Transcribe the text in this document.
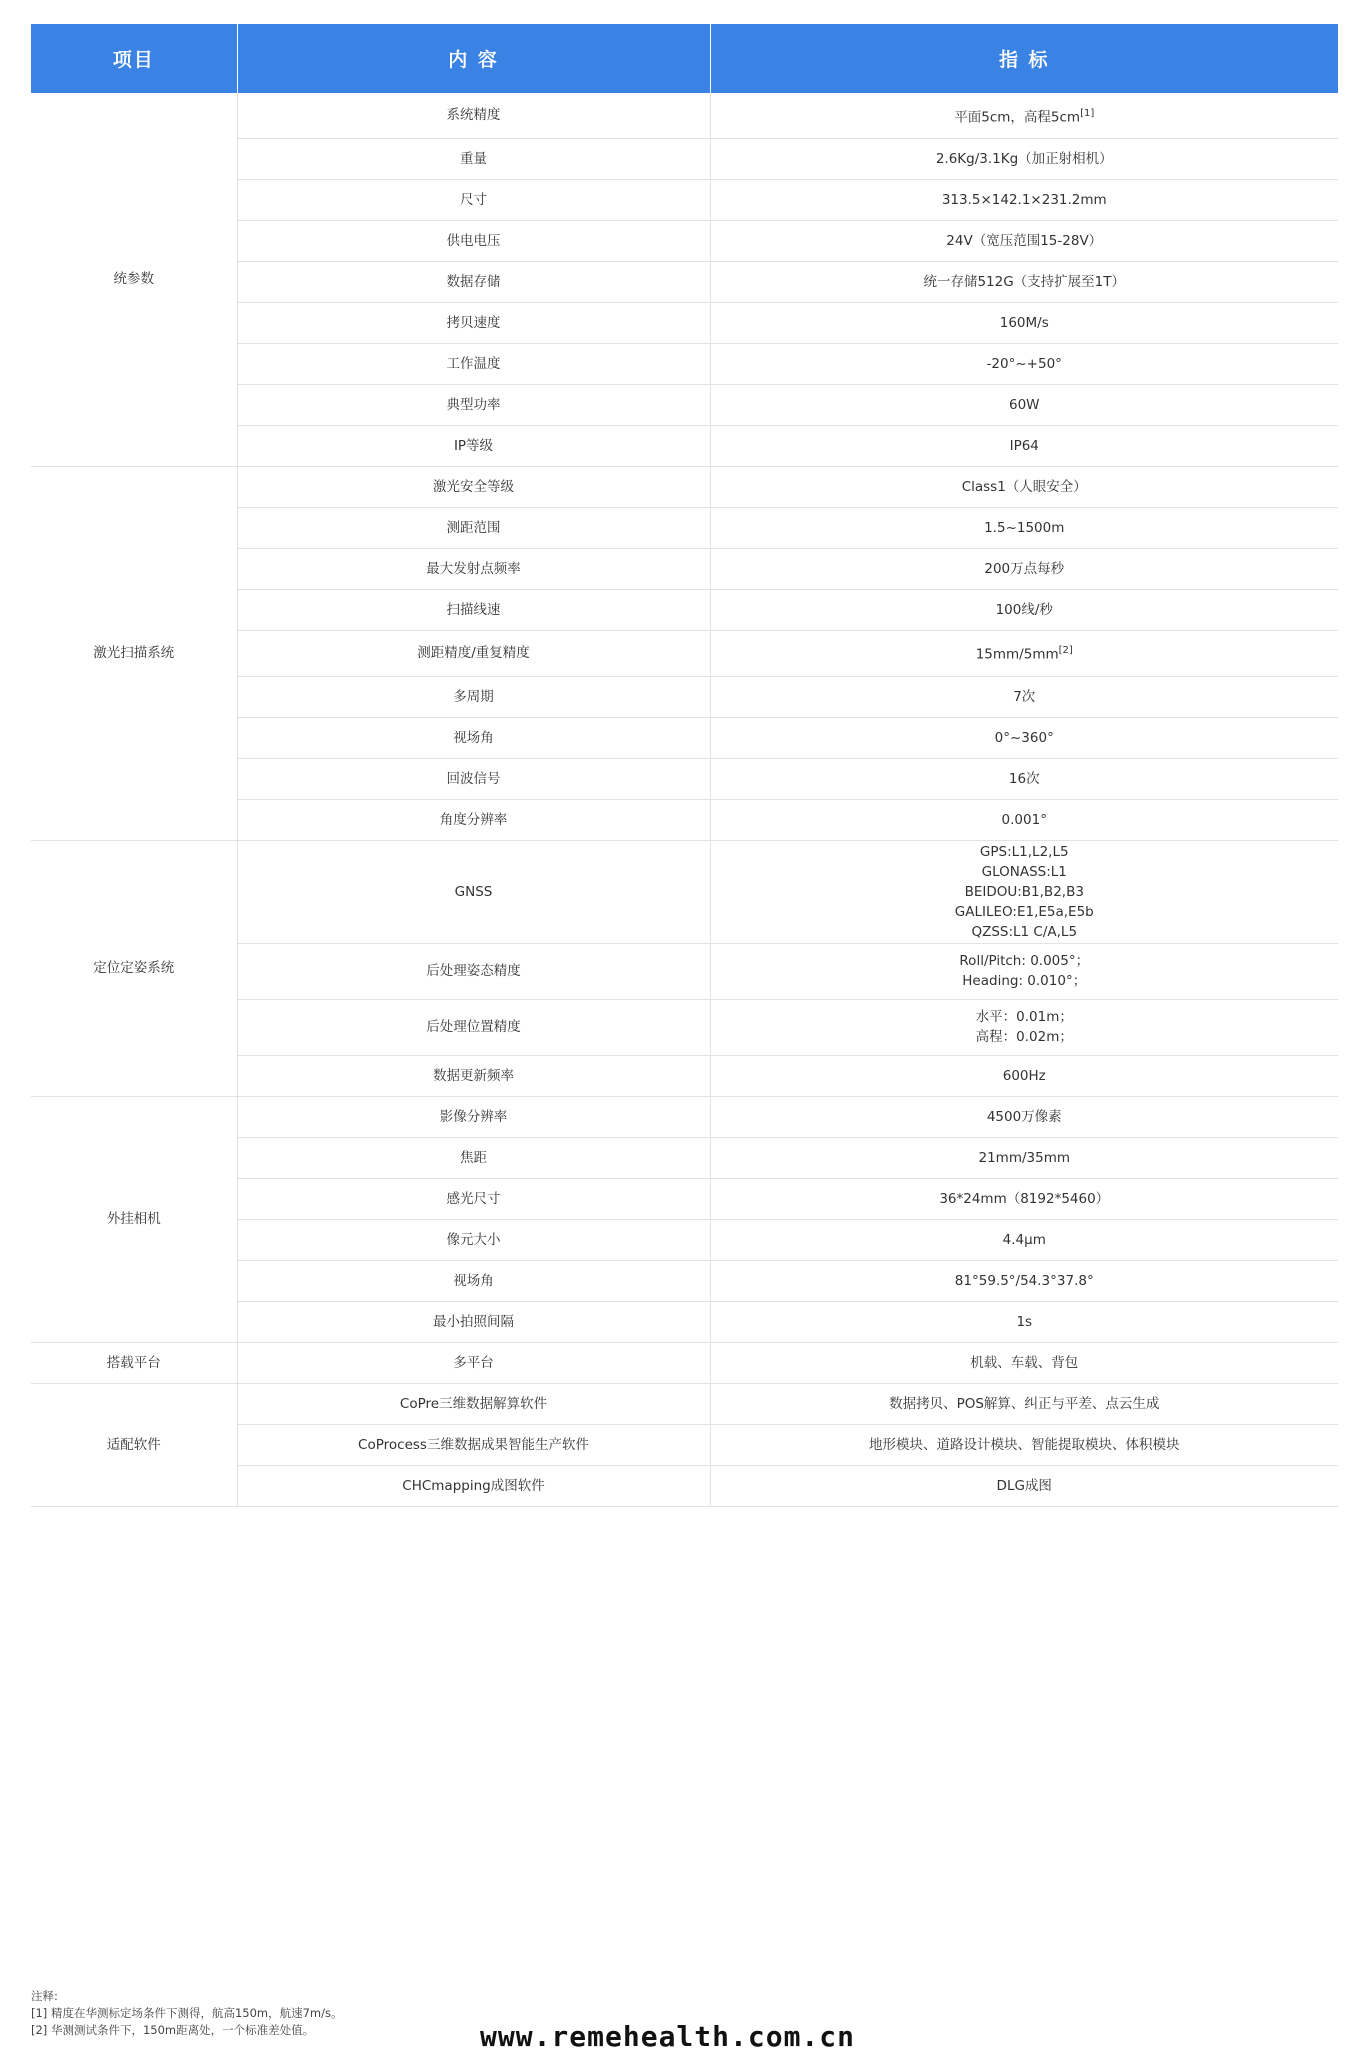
项目	内 容	指 标
统参数	系统精度	平面5cm，高程5cm[1]
	重量	2.6Kg/3.1Kg（加正射相机）
	尺寸	313.5×142.1×231.2mm
	供电电压	24V（宽压范围15-28V）
	数据存储	统一存储512G（支持扩展至1T）
	拷贝速度	160M/s
	工作温度	-20°~+50°
	典型功率	60W
	IP等级	IP64
激光扫描系统	激光安全等级	Class1（人眼安全）
	测距范围	1.5~1500m
	最大发射点频率	200万点每秒
	扫描线速	100线/秒
	测距精度/重复精度	15mm/5mm[2]
	多周期	7次
	视场角	0°~360°
	回波信号	16次
	角度分辨率	0.001°
定位定姿系统	GNSS	GPS:L1,L2,L5
GLONASS:L1
BEIDOU:B1,B2,B3
GALILEO:E1,E5a,E5b
QZSS:L1 C/A,L5

	后处理姿态精度	Roll/Pitch: 0.005°；
Heading: 0.010°；

	后处理位置精度	水平：0.01m；
高程：0.02m；

	数据更新频率	600Hz
外挂相机	影像分辨率	4500万像素
	焦距	21mm/35mm
	感光尺寸	36*24mm（8192*5460）
	像元大小	4.4μm
	视场角	81°59.5°/54.3°37.8°
	最小拍照间隔	1s
搭载平台	多平台	机载、车载、背包
适配软件	CoPre三维数据解算软件	数据拷贝、POS解算、纠正与平差、点云生成
	CoProcess三维数据成果智能生产软件	地形模块、道路设计模块、智能提取模块、体积模块
	CHCmapping成图软件	DLG成图
注释:
[1] 精度在华测标定场条件下测得，航高150m，航速7m/s。
[2] 华测测试条件下，150m距离处，一个标准差处值。	www.remehealth.com.cn
